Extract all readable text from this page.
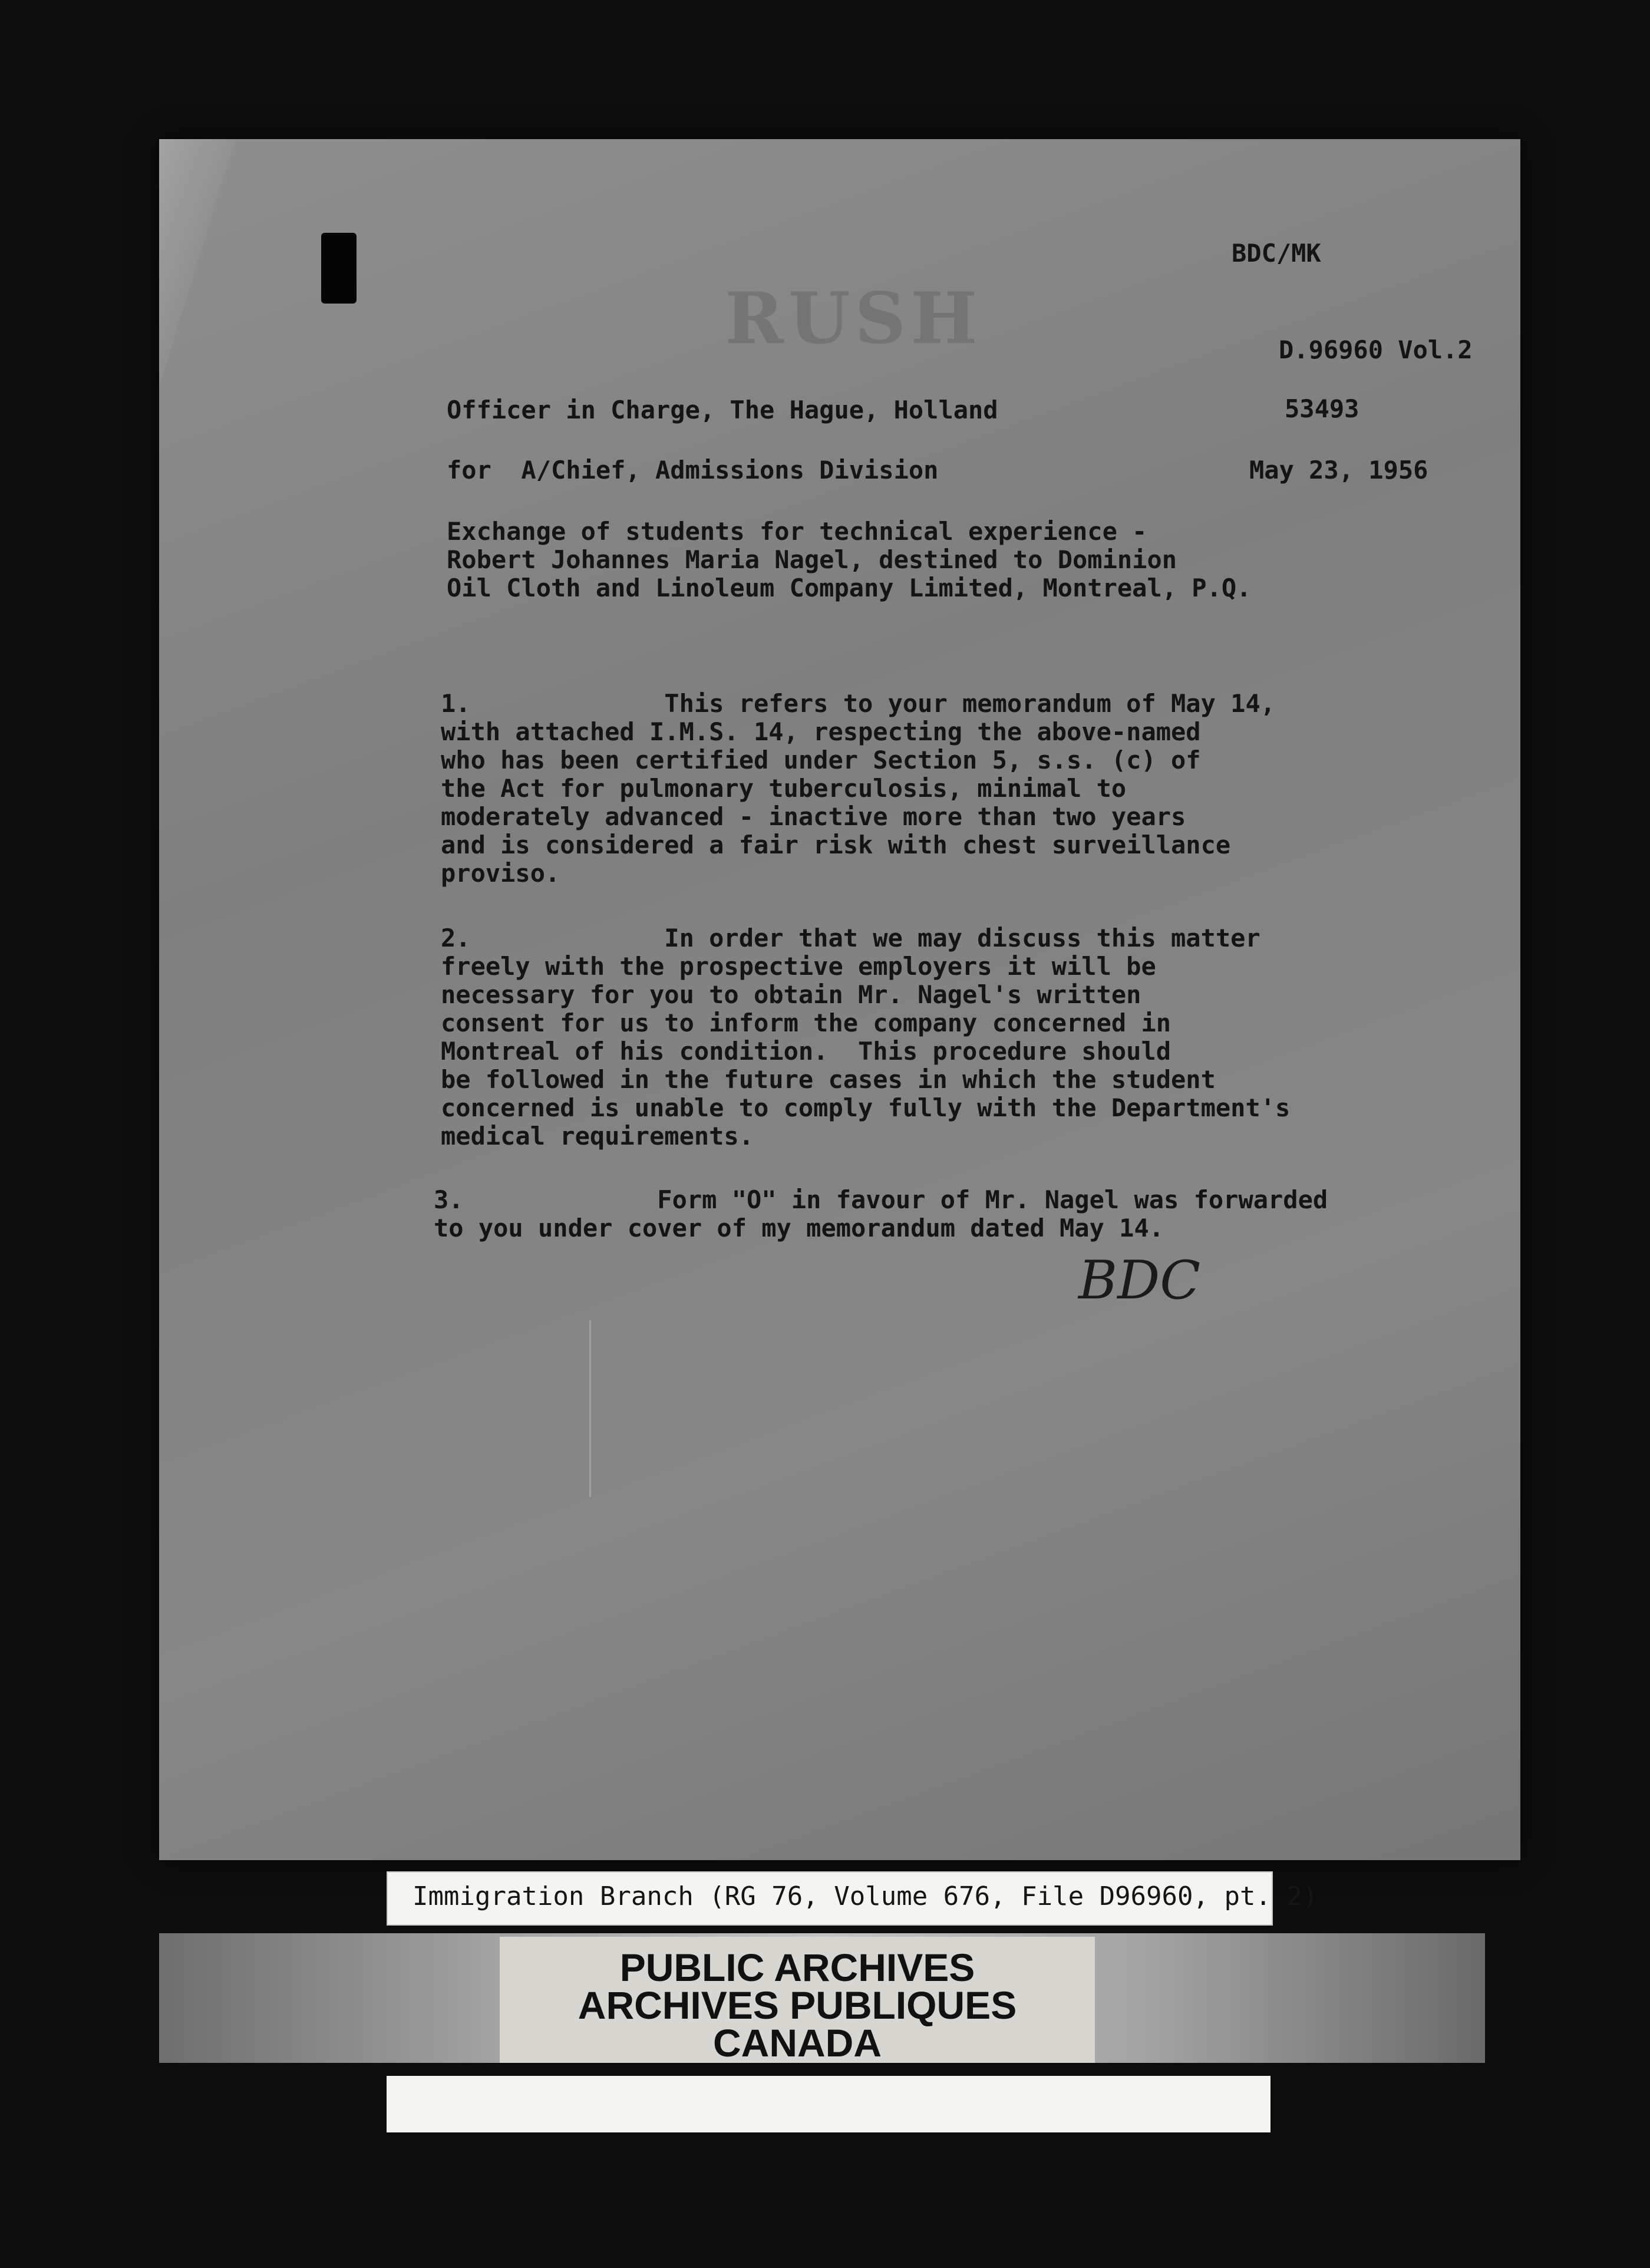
RUSH
BDC/MK
D.96960 Vol.2
53493
Officer in Charge, The Hague, Holland
for  A/Chief, Admissions Division	May 23, 1956
Exchange of students for technical experience -
Robert Johannes Maria Nagel, destined to Dominion
Oil Cloth and Linoleum Company Limited, Montreal, P.Q.
1.             This refers to your memorandum of May 14,
with attached I.M.S. 14, respecting the above-named
who has been certified under Section 5, s.s. (c) of
the Act for pulmonary tuberculosis, minimal to
moderately advanced - inactive more than two years
and is considered a fair risk with chest surveillance
proviso.
2.             In order that we may discuss this matter
freely with the prospective employers it will be
necessary for you to obtain Mr. Nagel's written
consent for us to inform the company concerned in
Montreal of his condition.  This procedure should
be followed in the future cases in which the student
concerned is unable to comply fully with the Department's
medical requirements.
3.             Form "O" in favour of Mr. Nagel was forwarded
to you under cover of my memorandum dated May 14.
BDC
Immigration Branch (RG 76, Volume 676, File D96960, pt. 2)
PUBLIC ARCHIVES
ARCHIVES PUBLIQUES
CANADA
